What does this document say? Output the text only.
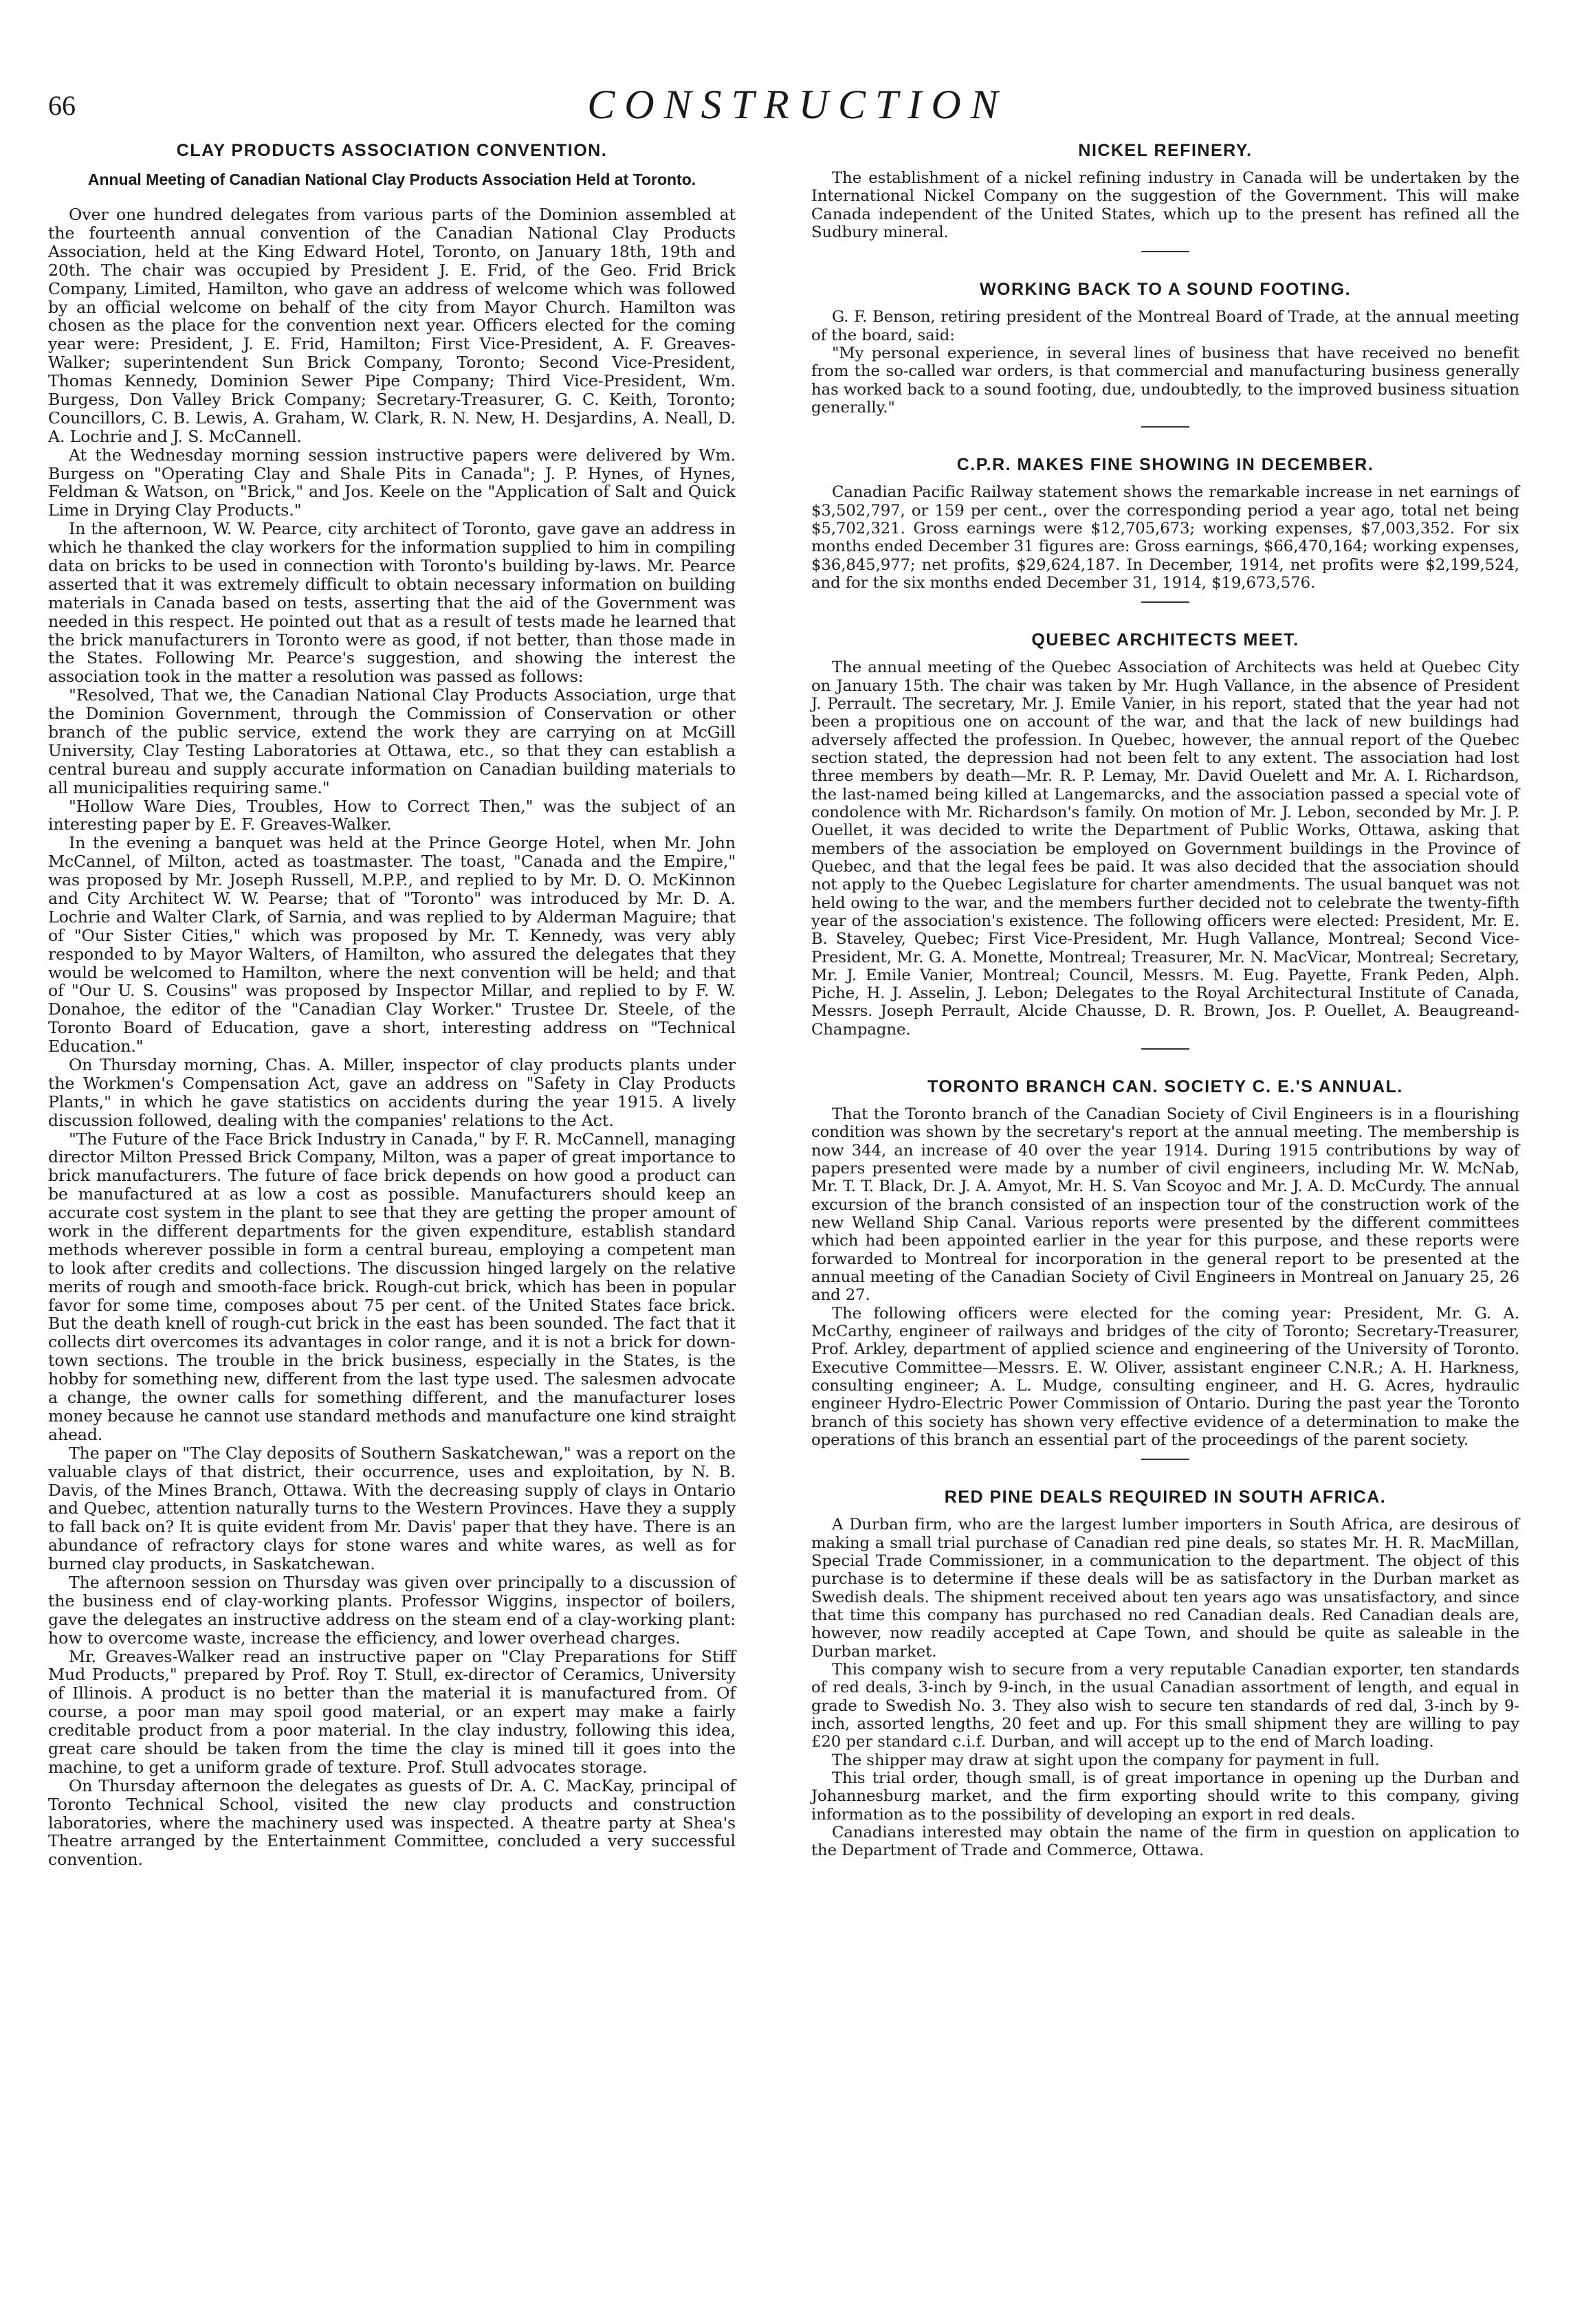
66	CONSTRUCTION
CLAY PRODUCTS ASSOCIATION CONVENTION.
Annual Meeting of Canadian National Clay Products Association Held at Toronto.

Over one hundred delegates from various parts of the Dominion assembled at the fourteenth annual convention of the Canadian National Clay Products Association, held at the King Edward Hotel, Toronto, on January 18th, 19th and 20th. The chair was occupied by President J. E. Frid, of the Geo. Frid Brick Company, Limited, Hamilton, who gave an address of welcome which was followed by an official welcome on behalf of the city from Mayor Church. Hamilton was chosen as the place for the convention next year. Officers elected for the coming year were: President, J. E. Frid, Hamilton; First Vice-President, A. F. Greaves-Walker; superintendent Sun Brick Company, Toronto; Second Vice-President, Thomas Kennedy, Dominion Sewer Pipe Company; Third Vice-President, Wm. Burgess, Don Valley Brick Company; Secretary-Treasurer, G. C. Keith, Toronto; Councillors, C. B. Lewis, A. Graham, W. Clark, R. N. New, H. Desjardins, A. Neall, D. A. Lochrie and J. S. McCannell.

At the Wednesday morning session instructive papers were delivered by Wm. Burgess on "Operating Clay and Shale Pits in Canada"; J. P. Hynes, of Hynes, Feldman & Watson, on "Brick," and Jos. Keele on the "Application of Salt and Quick Lime in Drying Clay Products."

In the afternoon, W. W. Pearce, city architect of Toronto, gave gave an address in which he thanked the clay workers for the information supplied to him in compiling data on bricks to be used in connection with Toronto's building by-laws. Mr. Pearce asserted that it was extremely difficult to obtain necessary information on building materials in Canada based on tests, asserting that the aid of the Government was needed in this respect. He pointed out that as a result of tests made he learned that the brick manufacturers in Toronto were as good, if not better, than those made in the States. Following Mr. Pearce's suggestion, and showing the interest the association took in the matter a resolution was passed as follows:

"Resolved, That we, the Canadian National Clay Products Association, urge that the Dominion Government, through the Commission of Conservation or other branch of the public service, extend the work they are carrying on at McGill University, Clay Testing Laboratories at Ottawa, etc., so that they can establish a central bureau and supply accurate information on Canadian building materials to all municipalities requiring same."

"Hollow Ware Dies, Troubles, How to Correct Then," was the subject of an interesting paper by E. F. Greaves-Walker.

In the evening a banquet was held at the Prince George Hotel, when Mr. John McCannel, of Milton, acted as toastmaster. The toast, "Canada and the Empire," was proposed by Mr. Joseph Russell, M.P.P., and replied to by Mr. D. O. McKinnon and City Architect W. W. Pearse; that of "Toronto" was introduced by Mr. D. A. Lochrie and Walter Clark, of Sarnia, and was replied to by Alderman Maguire; that of "Our Sister Cities," which was proposed by Mr. T. Kennedy, was very ably responded to by Mayor Walters, of Hamilton, who assured the delegates that they would be welcomed to Hamilton, where the next convention will be held; and that of "Our U. S. Cousins" was proposed by Inspector Millar, and replied to by F. W. Donahoe, the editor of the "Canadian Clay Worker." Trustee Dr. Steele, of the Toronto Board of Education, gave a short, interesting address on "Technical Education."

On Thursday morning, Chas. A. Miller, inspector of clay products plants under the Workmen's Compensation Act, gave an address on "Safety in Clay Products Plants," in which he gave statistics on accidents during the year 1915. A lively discussion followed, dealing with the companies' relations to the Act.

"The Future of the Face Brick Industry in Canada," by F. R. McCannell, managing director Milton Pressed Brick Company, Milton, was a paper of great importance to brick manufacturers. The future of face brick depends on how good a product can be manufactured at as low a cost as possible. Manufacturers should keep an accurate cost system in the plant to see that they are getting the proper amount of work in the different departments for the given expenditure, establish standard methods wherever possible in form a central bureau, employing a competent man to look after credits and collections. The discussion hinged largely on the relative merits of rough and smooth-face brick. Rough-cut brick, which has been in popular favor for some time, composes about 75 per cent. of the United States face brick. But the death knell of rough-cut brick in the east has been sounded. The fact that it collects dirt overcomes its advantages in color range, and it is not a brick for down-town sections. The trouble in the brick business, especially in the States, is the hobby for something new, different from the last type used. The salesmen advocate a change, the owner calls for something different, and the manufacturer loses money because he cannot use standard methods and manufacture one kind straight ahead.

The paper on "The Clay deposits of Southern Saskatchewan," was a report on the valuable clays of that district, their occurrence, uses and exploitation, by N. B. Davis, of the Mines Branch, Ottawa. With the decreasing supply of clays in Ontario and Quebec, attention naturally turns to the Western Provinces. Have they a supply to fall back on? It is quite evident from Mr. Davis' paper that they have. There is an abundance of refractory clays for stone wares and white wares, as well as for burned clay products, in Saskatchewan.

The afternoon session on Thursday was given over principally to a discussion of the business end of clay-working plants. Professor Wiggins, inspector of boilers, gave the delegates an instructive address on the steam end of a clay-working plant: how to overcome waste, increase the efficiency, and lower overhead charges.

Mr. Greaves-Walker read an instructive paper on "Clay Preparations for Stiff Mud Products," prepared by Prof. Roy T. Stull, ex-director of Ceramics, University of Illinois. A product is no better than the material it is manufactured from. Of course, a poor man may spoil good material, or an expert may make a fairly creditable product from a poor material. In the clay industry, following this idea, great care should be taken from the time the clay is mined till it goes into the machine, to get a uniform grade of texture. Prof. Stull advocates storage.

On Thursday afternoon the delegates as guests of Dr. A. C. MacKay, principal of Toronto Technical School, visited the new clay products and construction laboratories, where the machinery used was inspected. A theatre party at Shea's Theatre arranged by the Entertainment Committee, concluded a very successful convention.

NICKEL REFINERY.

The establishment of a nickel refining industry in Canada will be undertaken by the International Nickel Company on the suggestion of the Government. This will make Canada independent of the United States, which up to the present has refined all the Sudbury mineral.

WORKING BACK TO A SOUND FOOTING.

G. F. Benson, retiring president of the Montreal Board of Trade, at the annual meeting of the board, said:

"My personal experience, in several lines of business that have received no benefit from the so-called war orders, is that commercial and manufacturing business generally has worked back to a sound footing, due, undoubtedly, to the improved business situation generally."

C.P.R. MAKES FINE SHOWING IN DECEMBER.

Canadian Pacific Railway statement shows the remarkable increase in net earnings of $3,502,797, or 159 per cent., over the corresponding period a year ago, total net being $5,702,321. Gross earnings were $12,705,673; working expenses, $7,003,352. For six months ended December 31 figures are: Gross earnings, $66,470,164; working expenses, $36,845,977; net profits, $29,624,187. In December, 1914, net profits were $2,199,524, and for the six months ended December 31, 1914, $19,673,576.

QUEBEC ARCHITECTS MEET.

The annual meeting of the Quebec Association of Architects was held at Quebec City on January 15th. The chair was taken by Mr. Hugh Vallance, in the absence of President J. Perrault. The secretary, Mr. J. Emile Vanier, in his report, stated that the year had not been a propitious one on account of the war, and that the lack of new buildings had adversely affected the profession. In Quebec, however, the annual report of the Quebec section stated, the depression had not been felt to any extent. The association had lost three members by death—Mr. R. P. Lemay, Mr. David Ouelett and Mr. A. I. Richardson, the last-named being killed at Langemarcks, and the association passed a special vote of condolence with Mr. Richardson's family. On motion of Mr. J. Lebon, seconded by Mr. J. P. Ouellet, it was decided to write the Department of Public Works, Ottawa, asking that members of the association be employed on Government buildings in the Province of Quebec, and that the legal fees be paid. It was also decided that the association should not apply to the Quebec Legislature for charter amendments. The usual banquet was not held owing to the war, and the members further decided not to celebrate the twenty-fifth year of the association's existence. The following officers were elected: President, Mr. E. B. Staveley, Quebec; First Vice-President, Mr. Hugh Vallance, Montreal; Second Vice-President, Mr. G. A. Monette, Montreal; Treasurer, Mr. N. MacVicar, Montreal; Secretary, Mr. J. Emile Vanier, Montreal; Council, Messrs. M. Eug. Payette, Frank Peden, Alph. Piche, H. J. Asselin, J. Lebon; Delegates to the Royal Architectural Institute of Canada, Messrs. Joseph Perrault, Alcide Chausse, D. R. Brown, Jos. P. Ouellet, A. Beaugreand-Champagne.

TORONTO BRANCH CAN. SOCIETY C. E.'S ANNUAL.

That the Toronto branch of the Canadian Society of Civil Engineers is in a flourishing condition was shown by the secretary's report at the annual meeting. The membership is now 344, an increase of 40 over the year 1914. During 1915 contributions by way of papers presented were made by a number of civil engineers, including Mr. W. McNab, Mr. T. T. Black, Dr. J. A. Amyot, Mr. H. S. Van Scoyoc and Mr. J. A. D. McCurdy. The annual excursion of the branch consisted of an inspection tour of the construction work of the new Welland Ship Canal. Various reports were presented by the different committees which had been appointed earlier in the year for this purpose, and these reports were forwarded to Montreal for incorporation in the general report to be presented at the annual meeting of the Canadian Society of Civil Engineers in Montreal on January 25, 26 and 27.

The following officers were elected for the coming year: President, Mr. G. A. McCarthy, engineer of railways and bridges of the city of Toronto; Secretary-Treasurer, Prof. Arkley, department of applied science and engineering of the University of Toronto. Executive Committee—Messrs. E. W. Oliver, assistant engineer C.N.R.; A. H. Harkness, consulting engineer; A. L. Mudge, consulting engineer, and H. G. Acres, hydraulic engineer Hydro-Electric Power Commission of Ontario. During the past year the Toronto branch of this society has shown very effective evidence of a determination to make the operations of this branch an essential part of the proceedings of the parent society.

RED PINE DEALS REQUIRED IN SOUTH AFRICA.

A Durban firm, who are the largest lumber importers in South Africa, are desirous of making a small trial purchase of Canadian red pine deals, so states Mr. H. R. MacMillan, Special Trade Commissioner, in a communication to the department. The object of this purchase is to determine if these deals will be as satisfactory in the Durban market as Swedish deals. The shipment received about ten years ago was unsatisfactory, and since that time this company has purchased no red Canadian deals. Red Canadian deals are, however, now readily accepted at Cape Town, and should be quite as saleable in the Durban market.

This company wish to secure from a very reputable Canadian exporter, ten standards of red deals, 3-inch by 9-inch, in the usual Canadian assortment of length, and equal in grade to Swedish No. 3. They also wish to secure ten standards of red dal, 3-inch by 9-inch, assorted lengths, 20 feet and up. For this small shipment they are willing to pay £20 per standard c.i.f. Durban, and will accept up to the end of March loading.

The shipper may draw at sight upon the company for payment in full.

This trial order, though small, is of great importance in opening up the Durban and Johannesburg market, and the firm exporting should write to this company, giving information as to the possibility of developing an export in red deals.

Canadians interested may obtain the name of the firm in question on application to the Department of Trade and Commerce, Ottawa.
